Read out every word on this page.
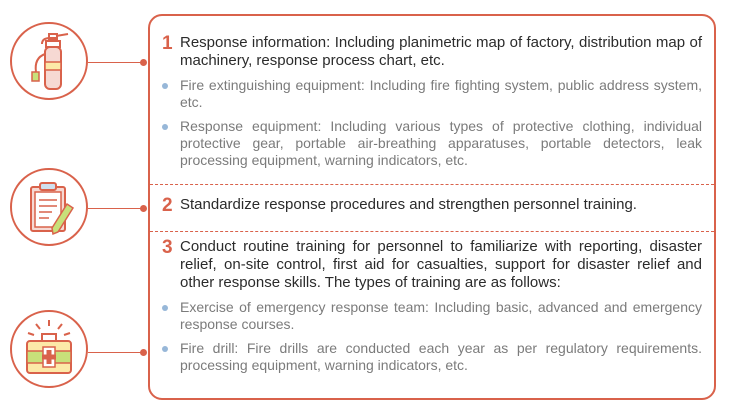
1 Response information: Including planimetric map of factory, distribution map of machinery, response process chart, etc.
Fire extinguishing equipment: Including fire fighting system, public address system, etc.
Response equipment: Including various types of protective clothing, individual protective gear, portable air-breathing apparatuses, portable detectors, leak processing equipment, warning indicators, etc.
2 Standardize response procedures and strengthen personnel training.
3 Conduct routine training for personnel to familiarize with reporting, disaster relief, on-site control, first aid for casualties, support for disaster relief and other response skills. The types of training are as follows:
Exercise of emergency response team: Including basic, advanced and emergency response courses.
Fire drill: Fire drills are conducted each year as per regulatory requirements. processing equipment, warning indicators, etc.
